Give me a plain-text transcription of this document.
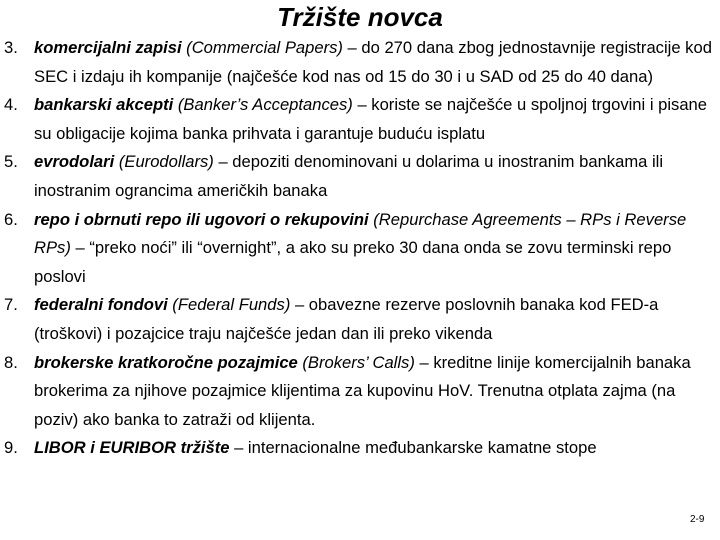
Tržište novca
3. komercijalni zapisi (Commercial Papers) – do 270 dana zbog jednostavnije registracije kod SEC i izdaju ih kompanije (najčešće kod nas od 15 do 30 i u SAD od 25 do 40 dana)
4. bankarski akcepti (Banker’s Acceptances) – koriste se najčešće u spoljnoj trgovini i pisane su obligacije kojima banka prihvata i garantuje buduću isplatu
5. evrodolari (Eurodollars) – depoziti denominovani u dolarima u inostranim bankama ili inostranim ograncima američkih banaka
6. repo i obrnuti repo ili ugovori o rekupovini (Repurchase Agreements – RPs i Reverse RPs) – “preko noći” ili “overnight”, a ako su preko 30 dana onda se zovu terminski repo poslovi
7. federalni fondovi (Federal Funds) – obavezne rezerve poslovnih banaka kod FED-a (troškovi) i pozajcice traju najčešće jedan dan ili preko vikenda
8. brokerske kratkoročne pozajmice (Brokers’ Calls) – kreditne linije komercijalnih banaka brokerima za njihove pozajmice klijentima za kupovinu HoV. Trenutna otplata zajma (na poziv) ako banka to zatraži od klijenta.
9. LIBOR i EURIBOR tržište – internacionalne međubankarske kamatne stope
2-9
